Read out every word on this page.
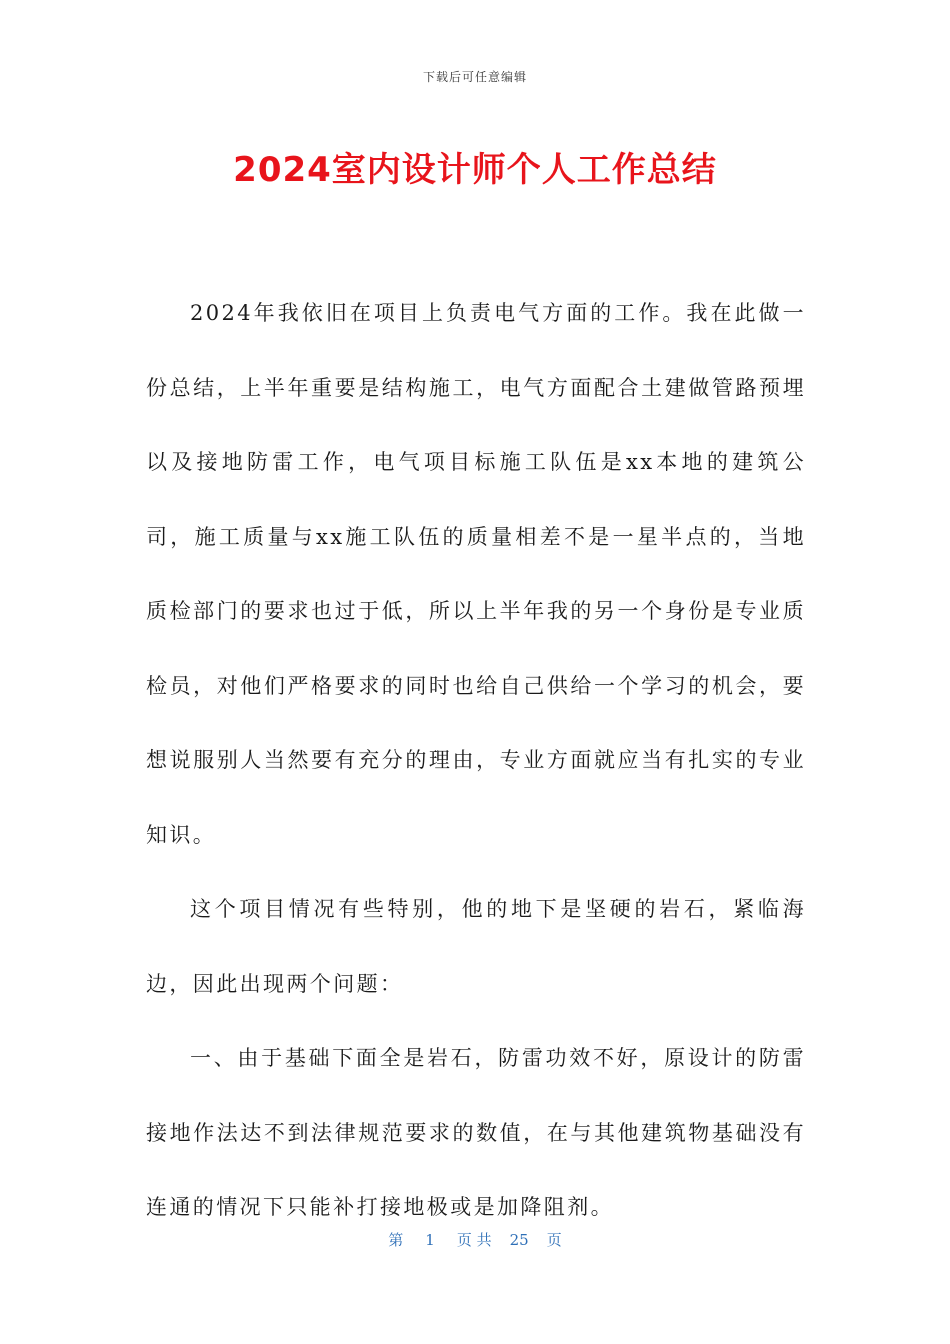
下载后可任意编辑
2024室内设计师个人工作总结

2024年我依旧在项目上负责电气方面的工作。我在此做一份总结，上半年重要是结构施工，电气方面配合土建做管路预埋以及接地防雷工作，电气项目标施工队伍是xx本地的建筑公司，施工质量与xx施工队伍的质量相差不是一星半点的，当地质检部门的要求也过于低，所以上半年我的另一个身份是专业质检员，对他们严格要求的同时也给自己供给一个学习的机会，要想说服别人当然要有充分的理由，专业方面就应当有扎实的专业知识。

这个项目情况有些特别，他的地下是坚硬的岩石，紧临海边，因此出现两个问题：

一、由于基础下面全是岩石，防雷功效不好，原设计的防雷接地作法达不到法律规范要求的数值，在与其他建筑物基础没有连通的情况下只能补打接地极或是加降阻剂。

第 1 页 共 25 页
